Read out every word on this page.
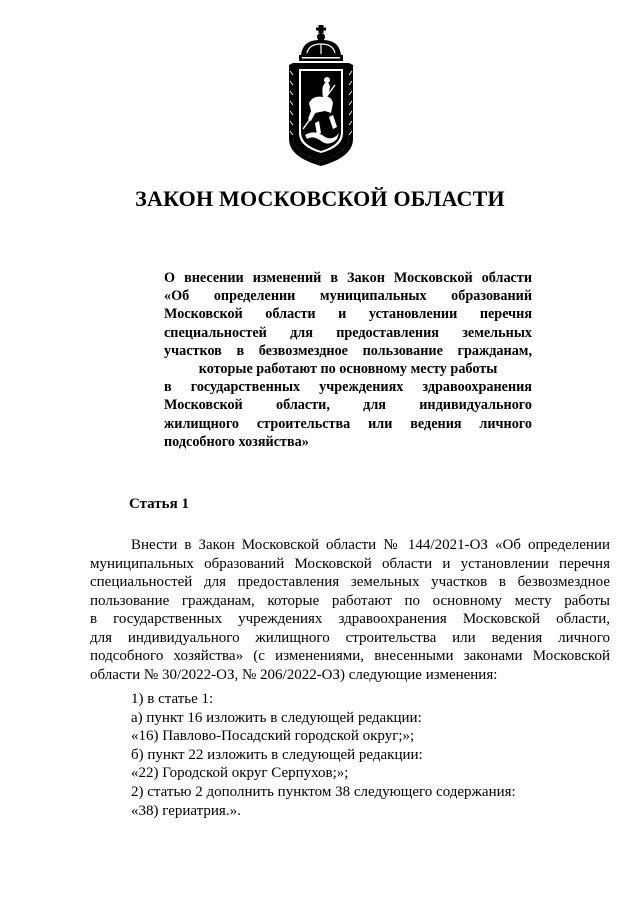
ЗАКОН МОСКОВСКОЙ ОБЛАСТИ
О внесении изменений в Закон Московской области
«Об определении муниципальных образований
Московской области и установлении перечня
специальностей для предоставления земельных
участков в безвозмездное пользование гражданам,
которые работают по основному месту работы
в государственных учреждениях здравоохранения
Московской области, для индивидуального
жилищного строительства или ведения личного
подсобного хозяйства»
Статья 1
Внести в Закон Московской области № 144/2021-ОЗ «Об определении
муниципальных образований Московской области и установлении перечня
специальностей для предоставления земельных участков в безвозмездное
пользование гражданам, которые работают по основному месту работы
в государственных учреждениях здравоохранения Московской области,
для индивидуального жилищного строительства или ведения личного
подсобного хозяйства» (с изменениями, внесенными законами Московской
области № 30/2022-ОЗ, № 206/2022-ОЗ) следующие изменения:
1) в статье 1:
а) пункт 16 изложить в следующей редакции:
«16) Павлово-Посадский городской округ;»;
б) пункт 22 изложить в следующей редакции:
«22) Городской округ Серпухов;»;
2) статью 2 дополнить пунктом 38 следующего содержания:
«38) гериатрия.».
